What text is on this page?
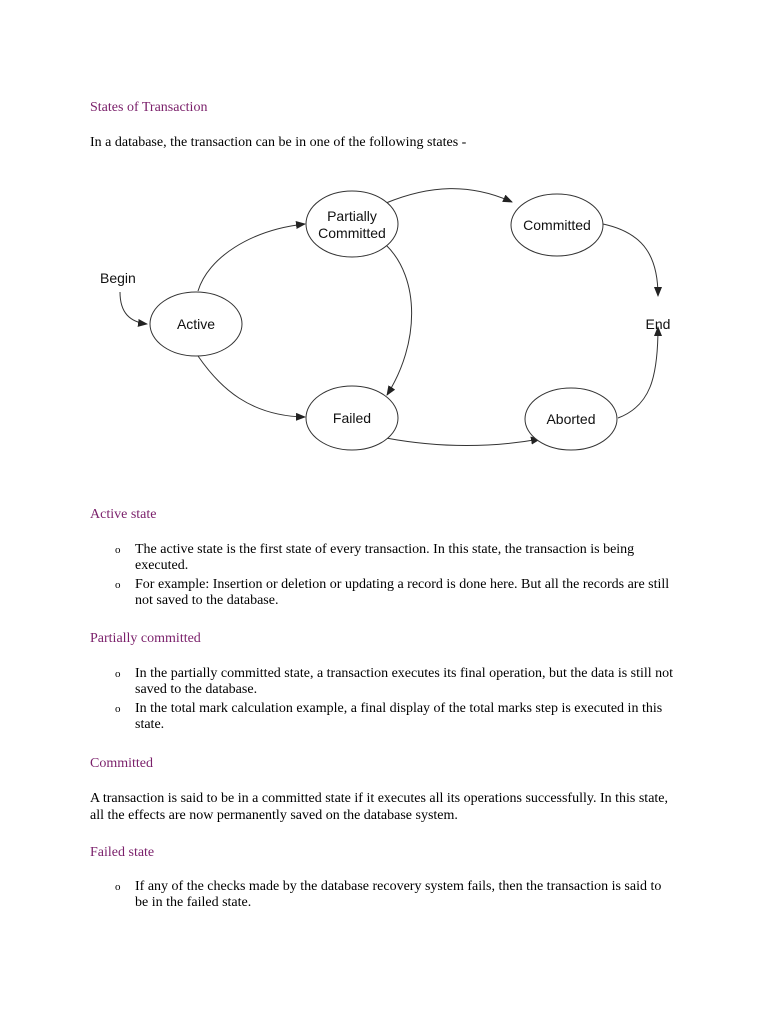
States of Transaction

In a database, the transaction can be in one of the following states -

Begin
Active
Partially
Committed	Committed
Failed	Aborted
End
Active state
o The active state is the first state of every transaction. In this state, the transaction is being executed.
o For example: Insertion or deletion or updating a record is done here. But all the records are still not saved to the database.
Partially committed
o In the partially committed state, a transaction executes its final operation, but the data is still not saved to the database.
o In the total mark calculation example, a final display of the total marks step is executed in this state.
Committed

A transaction is said to be in a committed state if it executes all its operations successfully. In this state, all the effects are now permanently saved on the database system.

Failed state
o If any of the checks made by the database recovery system fails, then the transaction is said to be in the failed state.
